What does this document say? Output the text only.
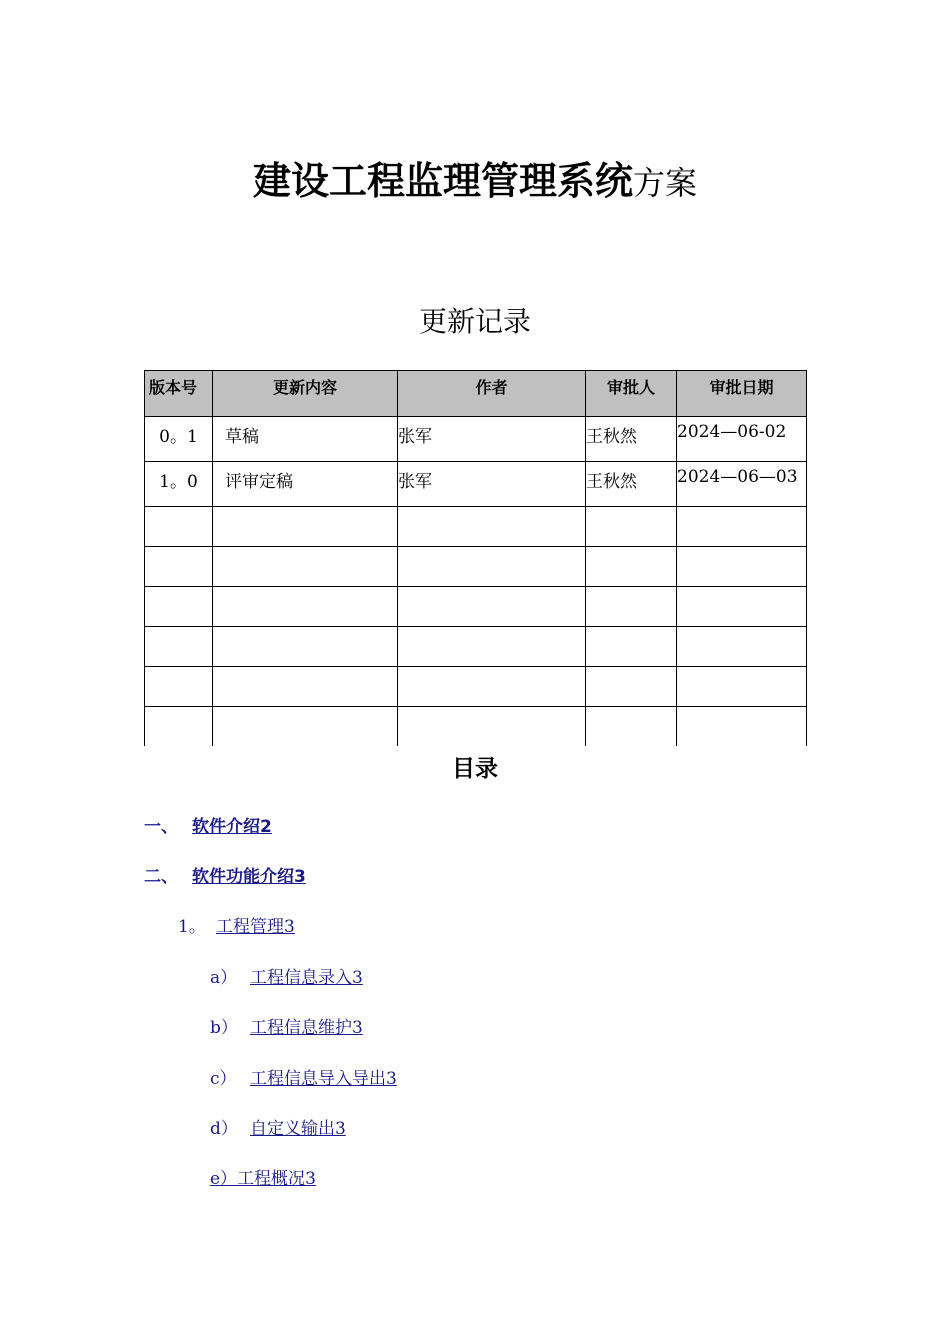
建设工程监理管理系统方案
更新记录
版本号	更新内容	作者	审批人	审批日期
0。1	草稿	张军	王秋然	2024—06-02
1。0	评审定稿	张军	王秋然	2024—06—03

目录
一、 软件介绍2
二、 软件功能介绍3
1。 工程管理3
a） 工程信息录入3
b） 工程信息维护3
c） 工程信息导入导出3
d） 自定义输出3
e）工程概况3
